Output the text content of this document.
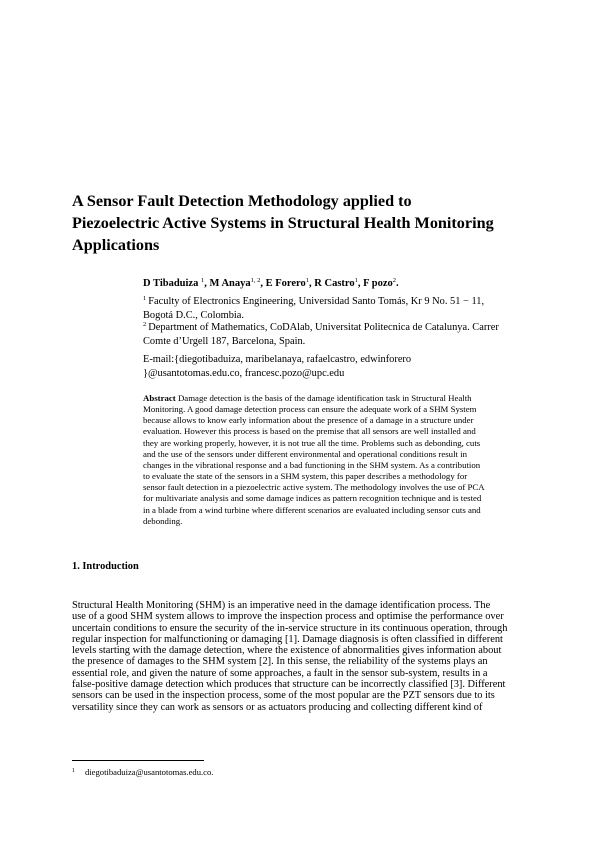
A Sensor Fault Detection Methodology applied to
Piezoelectric Active Systems in Structural Health Monitoring
Applications
D Tibaduiza $^1$, M Anaya$^{1, 2}$, E Forero$^1$, R Castro$^1$, F pozo$^2$.
$^1$ Faculty of Electronics Engineering, Universidad Santo Tomás, Kr 9 No. 51 − 11,
Bogotá D.C., Colombia.
$^2$ Department of Mathematics, CoDAlab, Universitat Politecnica de Catalunya. Carrer
Comte d’Urgell 187, Barcelona, Spain.
E-mail:{diegotibaduiza, maribelanaya, rafaelcastro, edwinforero
}@usantotomas.edu.co, francesc.pozo@upc.edu
Abstract Damage detection is the basis of the damage identification task in Structural Health
Monitoring. A good damage detection process can ensure the adequate work of a SHM System
because allows to know early information about the presence of a damage in a structure under
evaluation. However this process is based on the premise that all sensors are well installed and
they are working properly, however, it is not true all the time. Problems such as debonding, cuts
and the use of the sensors under different environmental and operational conditions result in
changes in the vibrational response and a bad functioning in the SHM system. As a contribution
to evaluate the state of the sensors in a SHM system, this paper describes a methodology for
sensor fault detection in a piezoelectric active system. The methodology involves the use of PCA
for multivariate analysis and some damage indices as pattern recognition technique and is tested
in a blade from a wind turbine where different scenarios are evaluated including sensor cuts and
debonding.
1. Introduction
Structural Health Monitoring (SHM) is an imperative need in the damage identification process. The
use of a good SHM system allows to improve the inspection process and optimise the performance over
uncertain conditions to ensure the security of the in-service structure in its continuous operation, through
regular inspection for malfunctioning or damaging [1]. Damage diagnosis is often classified in different
levels starting with the damage detection, where the existence of abnormalities gives information about
the presence of damages to the SHM system [2]. In this sense, the reliability of the systems plays an
essential role, and given the nature of some approaches, a fault in the sensor sub-system, results in a
false-positive damage detection which produces that structure can be incorrectly classified [3]. Different
sensors can be used in the inspection process, some of the most popular are the PZT sensors due to its
versatility since they can work as sensors or as actuators producing and collecting different kind of
$^1$ diegotibaduiza@usantotomas.edu.co.
